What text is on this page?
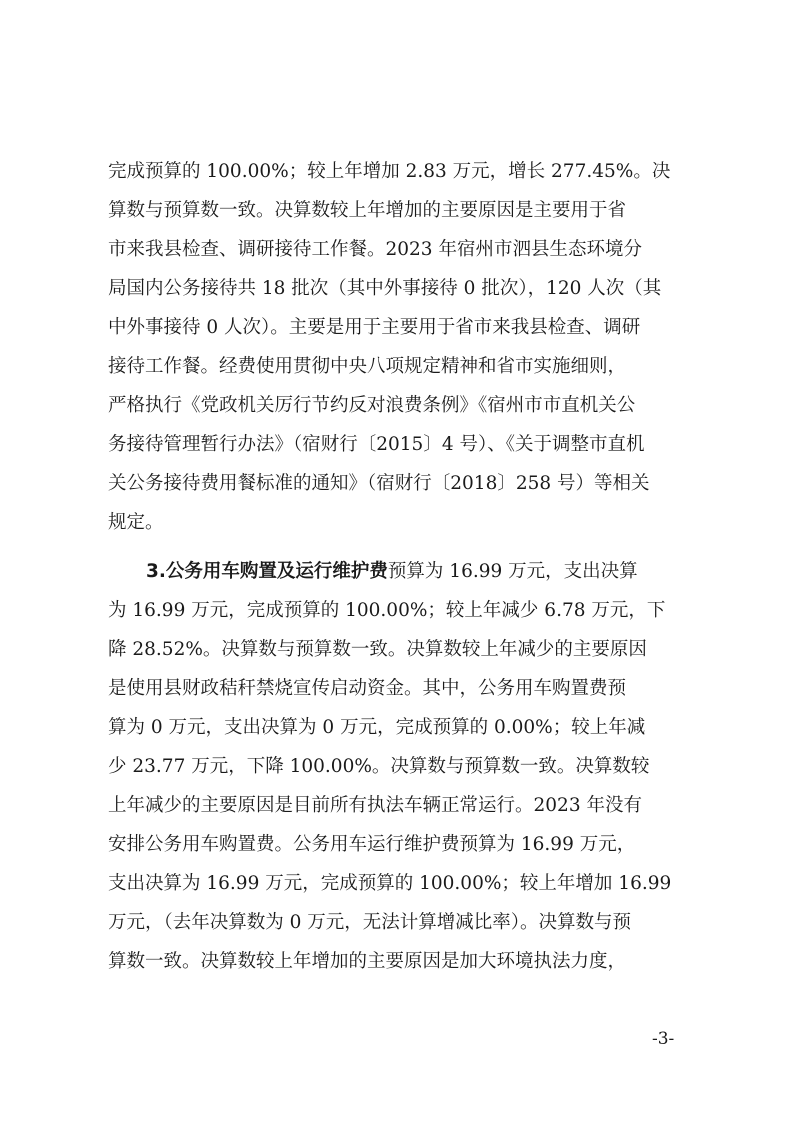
完成预算的 100.00%；较上年增加 2.83 万元，增长 277.45%。决
算数与预算数一致。决算数较上年增加的主要原因是主要用于省
市来我县检查、调研接待工作餐。2023 年宿州市泗县生态环境分
局国内公务接待共 18 批次（其中外事接待 0 批次），120 人次（其
中外事接待 0 人次）。主要是用于主要用于省市来我县检查、调研
接待工作餐。经费使用贯彻中央八项规定精神和省市实施细则，
严格执行《党政机关厉行节约反对浪费条例》《宿州市市直机关公
务接待管理暂行办法》（宿财行〔2015〕4 号）、《关于调整市直机
关公务接待费用餐标准的通知》（宿财行〔2018〕258 号）等相关
规定。
3.公务用车购置及运行维护费预算为 16.99 万元，支出决算
为 16.99 万元，完成预算的 100.00%；较上年减少 6.78 万元，下
降 28.52%。决算数与预算数一致。决算数较上年减少的主要原因
是使用县财政秸秆禁烧宣传启动资金。其中，公务用车购置费预
算为 0 万元，支出决算为 0 万元，完成预算的 0.00%；较上年减
少 23.77 万元，下降 100.00%。决算数与预算数一致。决算数较
上年减少的主要原因是目前所有执法车辆正常运行。2023 年没有
安排公务用车购置费。公务用车运行维护费预算为 16.99 万元，
支出决算为 16.99 万元，完成预算的 100.00%；较上年增加 16.99
万元，（去年决算数为 0 万元，无法计算增减比率）。决算数与预
算数一致。决算数较上年增加的主要原因是加大环境执法力度，
-3-
